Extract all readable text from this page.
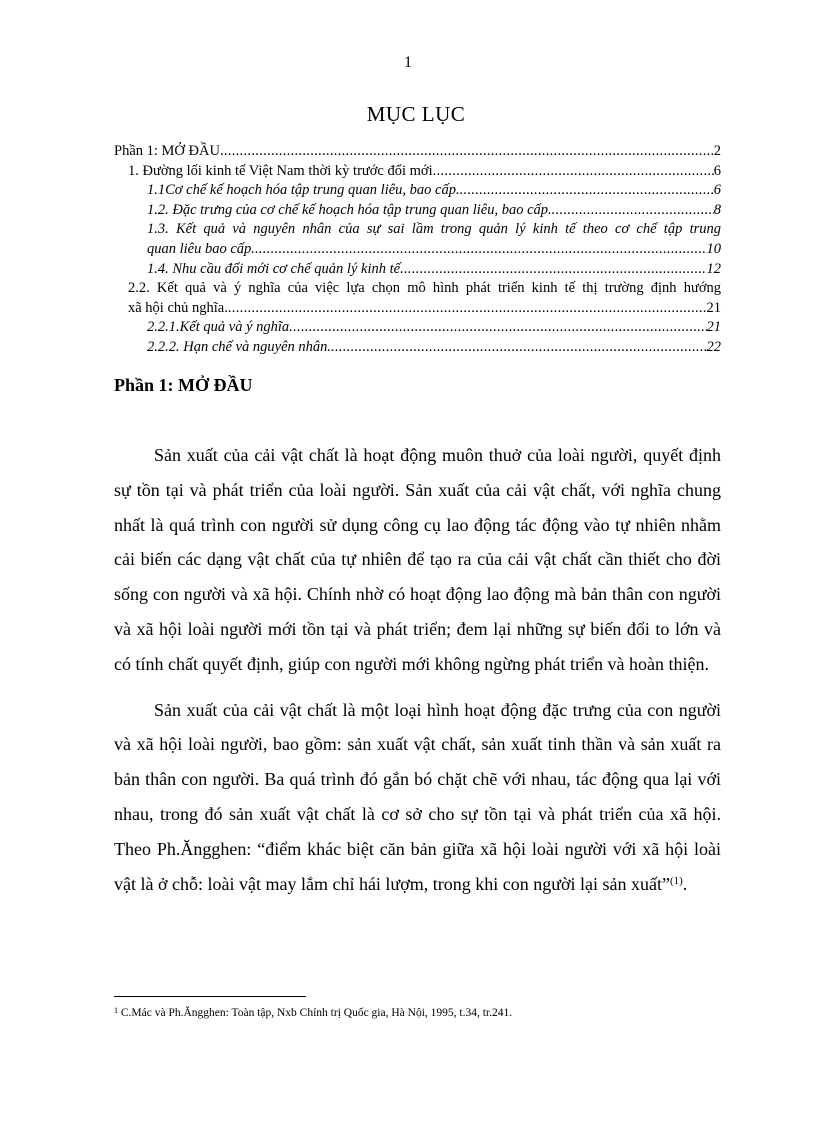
1
MỤC LỤC
Phần 1: MỞ ĐẦU .....	2
1. Đường lối kinh tế Việt Nam thời kỳ trước đổi mới .....	6
1.1Cơ chế kế hoạch hóa tập trung quan liêu, bao cấp. .....	6
1.2. Đặc trưng của cơ chế kế hoạch hóa tập trung quan liêu, bao cấp. .....	8
1.3. Kết quả và nguyên nhân của sự sai lầm trong quản lý kinh tế theo cơ chế tập trung
quan liêu bao cấp. .....	10
1.4. Nhu cầu đổi mới cơ chế quản lý kinh tế .....	12
2.2. Kết quả và ý nghĩa của việc lựa chọn mô hình phát triển kinh tế thị trường định hướng
xã hội chủ nghĩa. .....	21
2.2.1.Kết quả và ý nghĩa .....	21
2.2.2. Hạn chế và nguyên nhân. .....	22
Phần 1: MỞ ĐẦU

Sản xuất của cải vật chất là hoạt động muôn thuở của loài người, quyết định sự tồn tại và phát triển của loài người. Sản xuất của cải vật chất, với nghĩa chung nhất là quá trình con người sử dụng công cụ lao động tác động vào tự nhiên nhằm cải biến các dạng vật chất của tự nhiên để tạo ra của cải vật chất cần thiết cho đời sống con người và xã hội. Chính nhờ có hoạt động lao động mà bản thân con người và xã hội loài người mới tồn tại và phát triển; đem lại những sự biến đổi to lớn và có tính chất quyết định, giúp con người mới không ngừng phát triển và hoàn thiện.

Sản xuất của cải vật chất là một loại hình hoạt động đặc trưng của con người và xã hội loài người, bao gồm: sản xuất vật chất, sản xuất tinh thần và sản xuất ra bản thân con người. Ba quá trình đó gắn bó chặt chẽ với nhau, tác động qua lại với nhau, trong đó sản xuất vật chất là cơ sở cho sự tồn tại và phát triển của xã hội. Theo Ph.Ăngghen: “điểm khác biệt căn bản giữa xã hội loài người với xã hội loài vật là ở chỗ: loài vật may lắm chỉ hái lượm, trong khi con người lại sản xuất”$^{(1)}$.

$^1$ C.Mác và Ph.Ăngghen: Toàn tập, Nxb Chính trị Quốc gia, Hà Nội, 1995, t.34, tr.241.
